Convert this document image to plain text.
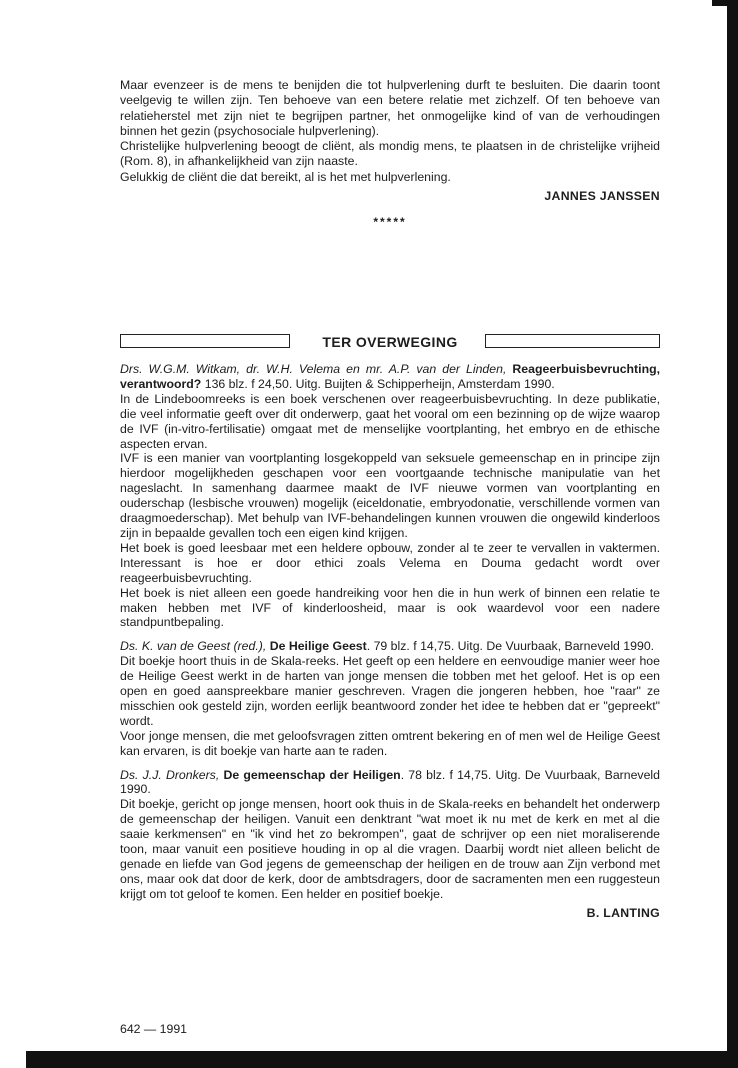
Maar evenzeer is de mens te benijden die tot hulpverlening durft te besluiten. Die daarin toont veelgevig te willen zijn. Ten behoeve van een betere relatie met zichzelf. Of ten behoeve van relatieherstel met zijn niet te begrijpen partner, het onmogelijke kind of van de verhoudingen binnen het gezin (psychosociale hulpverlening).

Christelijke hulpverlening beoogt de cliënt, als mondig mens, te plaatsen in de christelijke vrijheid (Rom. 8), in afhankelijkheid van zijn naaste.

Gelukkig de cliënt die dat bereikt, al is het met hulpverlening.

JANNES JANSSEN
*****
TER OVERWEGING

Drs. W.G.M. Witkam, dr. W.H. Velema en mr. A.P. van der Linden, Reageerbuisbevruchting, verantwoord? 136 blz. f 24,50. Uitg. Buijten & Schipperheijn, Amsterdam 1990.

In de Lindeboomreeks is een boek verschenen over reageerbuisbevruchting. In deze publikatie, die veel informatie geeft over dit onderwerp, gaat het vooral om een bezinning op de wijze waarop de IVF (in-vitro-fertilisatie) omgaat met de menselijke voortplanting, het embryo en de ethische aspecten ervan.

IVF is een manier van voortplanting losgekoppeld van seksuele gemeenschap en in principe zijn hierdoor mogelijkheden geschapen voor een voortgaande technische manipulatie van het nageslacht. In samenhang daarmee maakt de IVF nieuwe vormen van voortplanting en ouderschap (lesbische vrouwen) mogelijk (eiceldonatie, embryodonatie, verschillende vormen van draagmoederschap). Met behulp van IVF-behandelingen kunnen vrouwen die ongewild kinderloos zijn in bepaalde gevallen toch een eigen kind krijgen.

Het boek is goed leesbaar met een heldere opbouw, zonder al te zeer te vervallen in vaktermen. Interessant is hoe er door ethici zoals Velema en Douma gedacht wordt over reageerbuisbevruchting.

Het boek is niet alleen een goede handreiking voor hen die in hun werk of binnen een relatie te maken hebben met IVF of kinderloosheid, maar is ook waardevol voor een nadere standpuntbepaling.

Ds. K. van de Geest (red.), De Heilige Geest. 79 blz. f 14,75. Uitg. De Vuurbaak, Barneveld 1990.

Dit boekje hoort thuis in de Skala-reeks. Het geeft op een heldere en eenvoudige manier weer hoe de Heilige Geest werkt in de harten van jonge mensen die tobben met het geloof. Het is op een open en goed aanspreekbare manier geschreven. Vragen die jongeren hebben, hoe "raar" ze misschien ook gesteld zijn, worden eerlijk beantwoord zonder het idee te hebben dat er "gepreekt" wordt.

Voor jonge mensen, die met geloofsvragen zitten omtrent bekering en of men wel de Heilige Geest kan ervaren, is dit boekje van harte aan te raden.

Ds. J.J. Dronkers, De gemeenschap der Heiligen. 78 blz. f 14,75. Uitg. De Vuurbaak, Barneveld 1990.

Dit boekje, gericht op jonge mensen, hoort ook thuis in de Skala-reeks en behandelt het onderwerp de gemeenschap der heiligen. Vanuit een denktrant "wat moet ik nu met de kerk en met al die saaie kerkmensen" en "ik vind het zo bekrompen", gaat de schrijver op een niet moraliserende toon, maar vanuit een positieve houding in op al die vragen. Daarbij wordt niet alleen belicht de genade en liefde van God jegens de gemeenschap der heiligen en de trouw aan Zijn verbond met ons, maar ook dat door de kerk, door de ambtsdragers, door de sacramenten men een ruggesteun krijgt om tot geloof te komen. Een helder en positief boekje.

B. LANTING
642 — 1991
